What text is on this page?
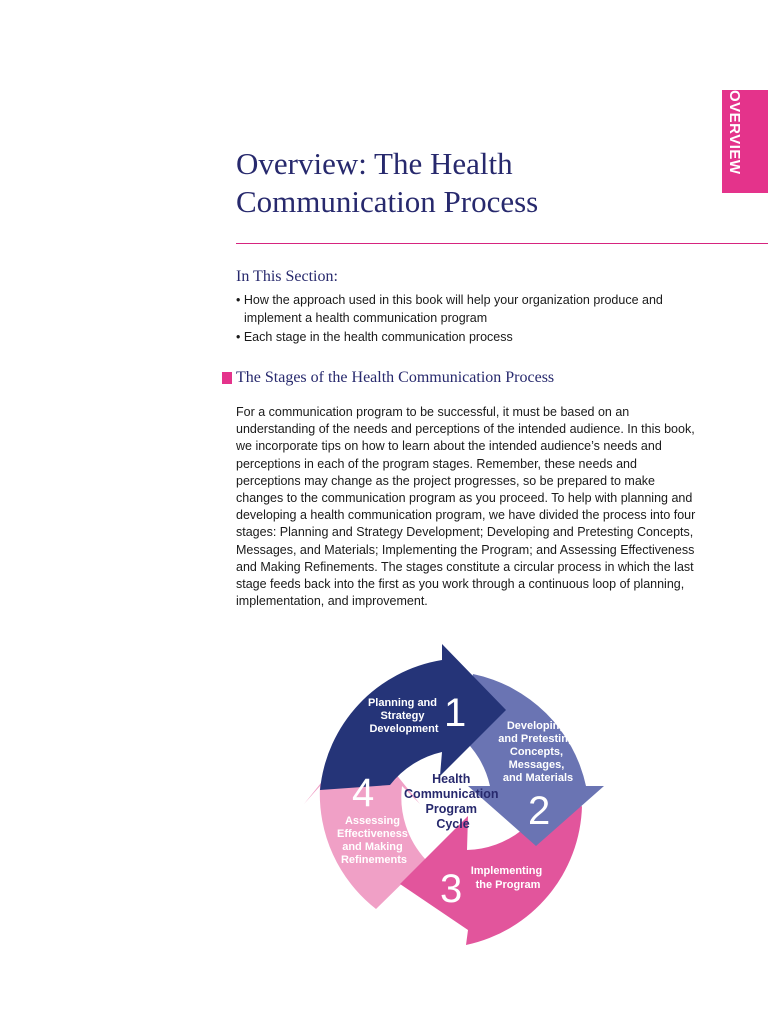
OVERVIEW
Overview: The Health
Communication Process
In This Section:
• How the approach used in this book will help your organization produce and implement a health communication program
• Each stage in the health communication process
The Stages of the Health Communication Process

For a communication program to be successful, it must be based on an understanding of the needs and perceptions of the intended audience. In this book, we incorporate tips on how to learn about the intended audience’s needs and perceptions in each of the program stages. Remember, these needs and perceptions may change as the project progresses, so be prepared to make changes to the communication program as you proceed. To help with planning and developing a health communication program, we have divided the process into four stages: Planning and Strategy Development; Developing and Pretesting Concepts, Messages, and Materials; Implementing the Program; and Assessing Effectiveness and Making Refinements. The stages constitute a circular process in which the last stage feeds back into the first as you work through a continuous loop of planning, implementation, and improvement.

Health Communication Program Cycle
Planning and Strategy Development 1	Developing and Pretesting Concepts, Messages, and Materials
2
Implementing the Program
3
Assessing Effectiveness and Making Refinements
4
